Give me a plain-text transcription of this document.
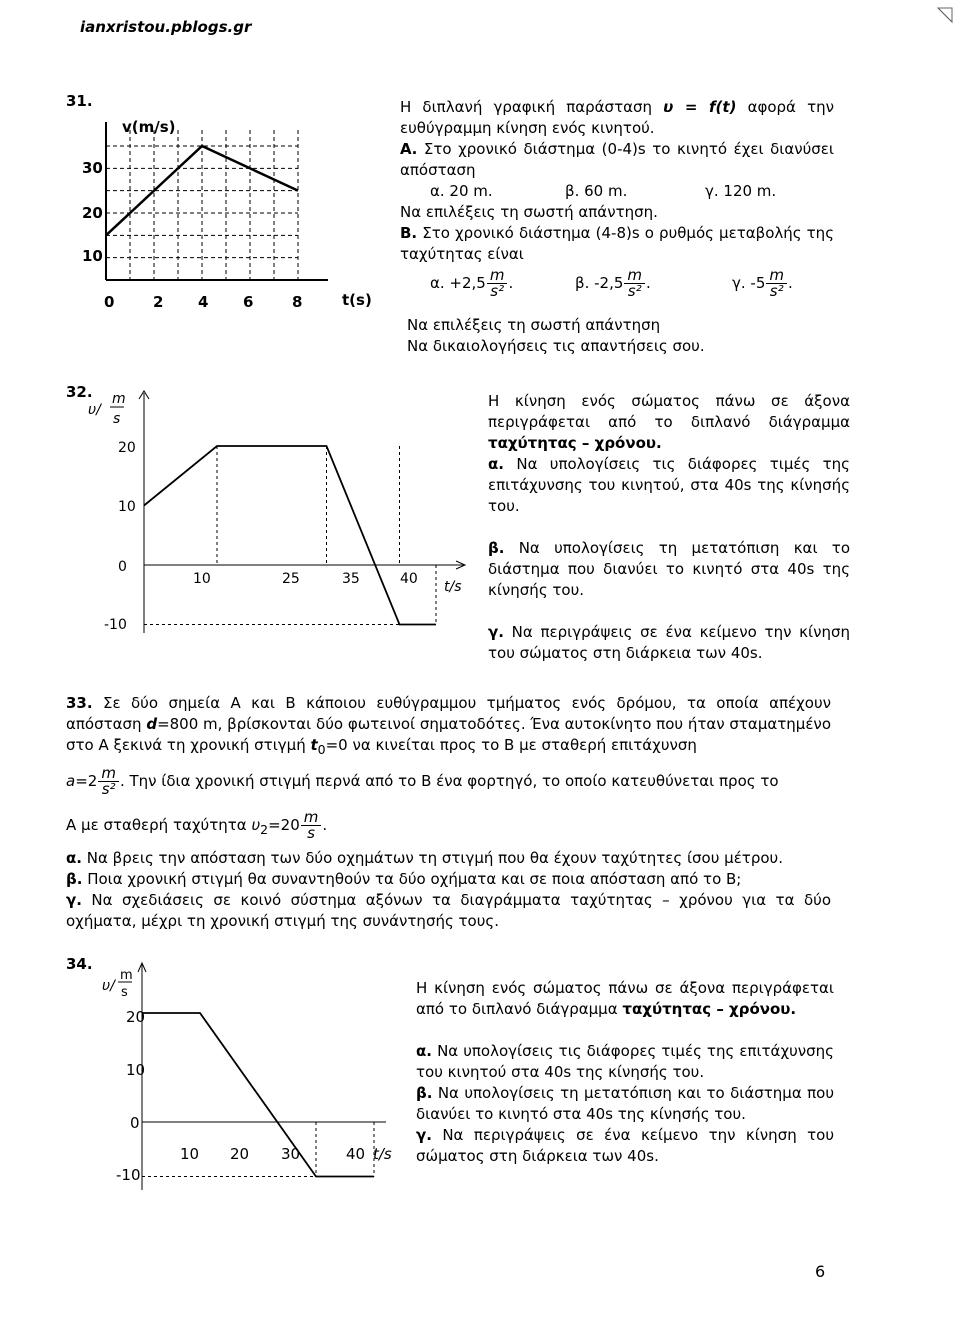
ianxristou.pblogs.gr
31.
v(m/s)
t(s)
30
20
10
0	2 4 6	8
Η διπλανή γραφική παράσταση υ = f(t) αφορά την ευθύγραμμη κίνηση ενός κινητού.
Α. Στο χρονικό διάστημα (0-4)s το κινητό έχει διανύσει απόσταση
α. 20 m.	β. 60 m.	γ. 120 m.
Να επιλέξεις τη σωστή απάντηση.
Β. Στο χρονικό διάστημα (4-8)s ο ρυθμός μεταβολής της ταχύτητας είναι
α. $+2,5 \frac{m}{\text{s²}}$ .	β. $-2,5 \frac{m}{\text{s²}}$ .	γ. $-5 \frac{m}{\text{s²}}$ .
Να επιλέξεις τη σωστή απάντηση
Να δικαιολογήσεις τις απαντήσεις σου.
32.
υ/
m
s
20
10
0
-10
10	25	35	40 t/s
Η κίνηση ενός σώματος πάνω σε άξονα περιγράφεται από το διπλανό διάγραμμα ταχύτητας – χρόνου.
α. Να υπολογίσεις τις διάφορες τιμές της επιτάχυνσης του κινητού, στα 40s της κίνησής του.
β. Να υπολογίσεις τη μετατόπιση και το διάστημα που διανύει το κινητό στα 40s της κίνησής του.
γ. Να περιγράψεις σε ένα κείμενο την κίνηση του σώματος στη διάρκεια των 40s.
33. Σε δύο σημεία Α και Β κάποιου ευθύγραμμου τμήματος ενός δρόμου, τα οποία απέχουν απόσταση d=800 m, βρίσκονται δύο φωτεινοί σηματοδότες. Ένα αυτοκίνητο που ήταν σταματημένο στο Α ξεκινά τη χρονική στιγμή $t_0=0$ να κινείται προς το Β με σταθερή επιτάχυνση
$a=2 \frac{m}{\text{s²}}$ . Την ίδια χρονική στιγμή περνά από το Β ένα φορτηγό, το οποίο κατευθύνεται προς το
Α με σταθερή ταχύτητα $\upsilon_2=20 \frac{m}{s}$ .
α. Να βρεις την απόσταση των δύο οχημάτων τη στιγμή που θα έχουν ταχύτητες ίσου μέτρου.
β. Ποια χρονική στιγμή θα συναντηθούν τα δύο οχήματα και σε ποια απόσταση από το Β;
γ. Να σχεδιάσεις σε κοινό σύστημα αξόνων τα διαγράμματα ταχύτητας – χρόνου για τα δύο οχήματα, μέχρι τη χρονική στιγμή της συνάντησής τους.
34.
υ/
m
s
20
10
0
-10
10 20 30	40 t/s
Η κίνηση ενός σώματος πάνω σε άξονα περιγράφεται από το διπλανό διάγραμμα ταχύτητας – χρόνου.
α. Να υπολογίσεις τις διάφορες τιμές της επιτάχυνσης του κινητού στα 40s της κίνησής του.
β. Να υπολογίσεις τη μετατόπιση και το διάστημα που διανύει το κινητό στα 40s της κίνησής του.
γ. Να περιγράψεις σε ένα κείμενο την κίνηση του σώματος στη διάρκεια των 40s.
6
